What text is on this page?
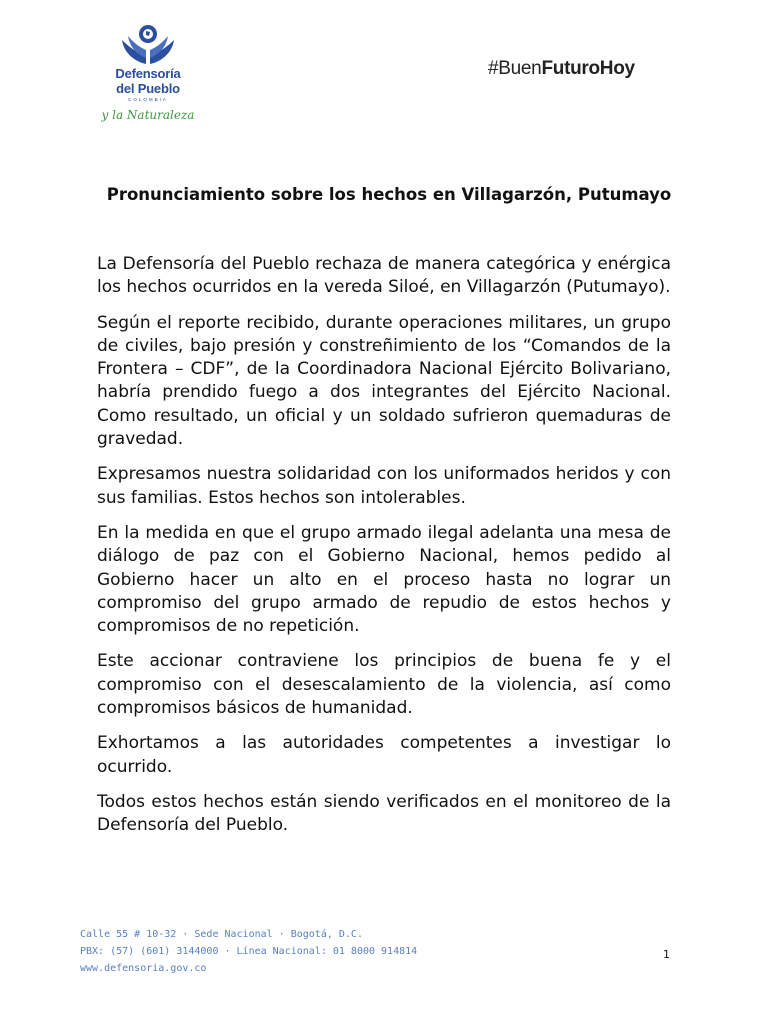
Defensoría
del Pueblo
COLOMBIA
y la Naturaleza
#BuenFuturoHoy
Pronunciamiento sobre los hechos en Villagarzón, Putumayo

La Defensoría del Pueblo rechaza de manera categórica y enérgica los hechos ocurridos en la vereda Siloé, en Villagarzón (Putumayo).

Según el reporte recibido, durante operaciones militares, un grupo de civiles, bajo presión y constreñimiento de los “Comandos de la Frontera – CDF”, de la Coordinadora Nacional Ejército Bolivariano, habría prendido fuego a dos integrantes del Ejército Nacional. Como resultado, un oficial y un soldado sufrieron quemaduras de gravedad.

Expresamos nuestra solidaridad con los uniformados heridos y con sus familias. Estos hechos son intolerables.

En la medida en que el grupo armado ilegal adelanta una mesa de diálogo de paz con el Gobierno Nacional, hemos pedido al Gobierno hacer un alto en el proceso hasta no lograr un compromiso del grupo armado de repudio de estos hechos y compromisos de no repetición.

Este accionar contraviene los principios de buena fe y el compromiso con el desescalamiento de la violencia, así como compromisos básicos de humanidad.

Exhortamos a las autoridades competentes a investigar lo ocurrido.

Todos estos hechos están siendo verificados en el monitoreo de la Defensoría del Pueblo.

Calle 55 # 10-32 · Sede Nacional · Bogotá, D.C.
PBX: (57) (601) 3144000 · Línea Nacional: 01 8000 914814
www.defensoria.gov.co
1
